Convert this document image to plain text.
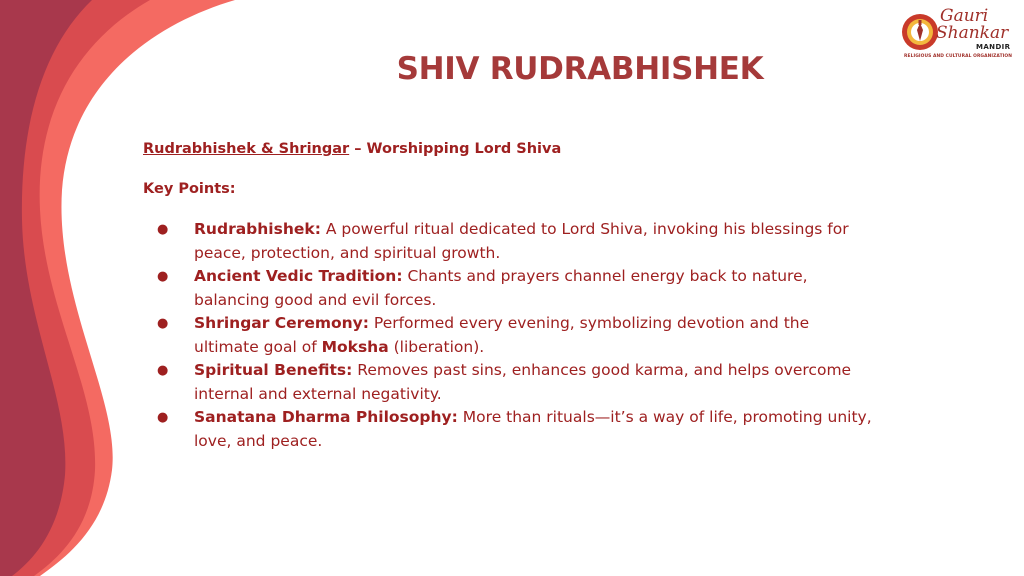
Gauri
Shankar
MANDIR
RELIGIOUS AND CULTURAL ORGANIZATION
SHIV RUDRABHISHEK
Rudrabhishek & Shringar – Worshipping Lord Shiva
Key Points:
● Rudrabhishek: A powerful ritual dedicated to Lord Shiva, invoking his blessings for peace, protection, and spiritual growth.
● Ancient Vedic Tradition: Chants and prayers channel energy back to nature, balancing good and evil forces.
● Shringar Ceremony: Performed every evening, symbolizing devotion and the ultimate goal of Moksha (liberation).
● Spiritual Benefits: Removes past sins, enhances good karma, and helps overcome internal and external negativity.
● Sanatana Dharma Philosophy: More than rituals—it’s a way of life, promoting unity, love, and peace.
